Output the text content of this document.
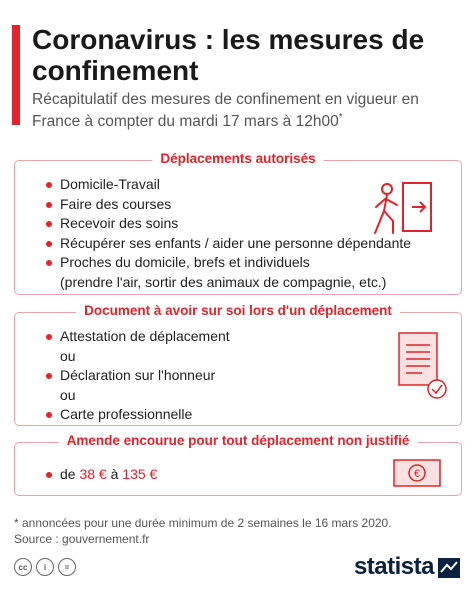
Coronavirus : les mesures de confinement
Récapitulatif des mesures de confinement en vigueur en France à compter du mardi 17 mars à 12h00*
Déplacements autorisés
Domicile-Travail
Faire des courses
Recevoir des soins
Récupérer ses enfants / aider une personne dépendante
Proches du domicile, brefs et individuels
(prendre l'air, sortir des animaux de compagnie, etc.)
Document à avoir sur soi lors d'un déplacement
Attestation de déplacement
ou
Déclaration sur l'honneur
ou
Carte professionnelle
Amende encourue pour tout déplacement non justifié
de 38 € à 135 €	€
* annoncées pour une durée minimum de 2 semaines le 16 mars 2020.
Source : gouvernement.fr
cc	i	=	statista
